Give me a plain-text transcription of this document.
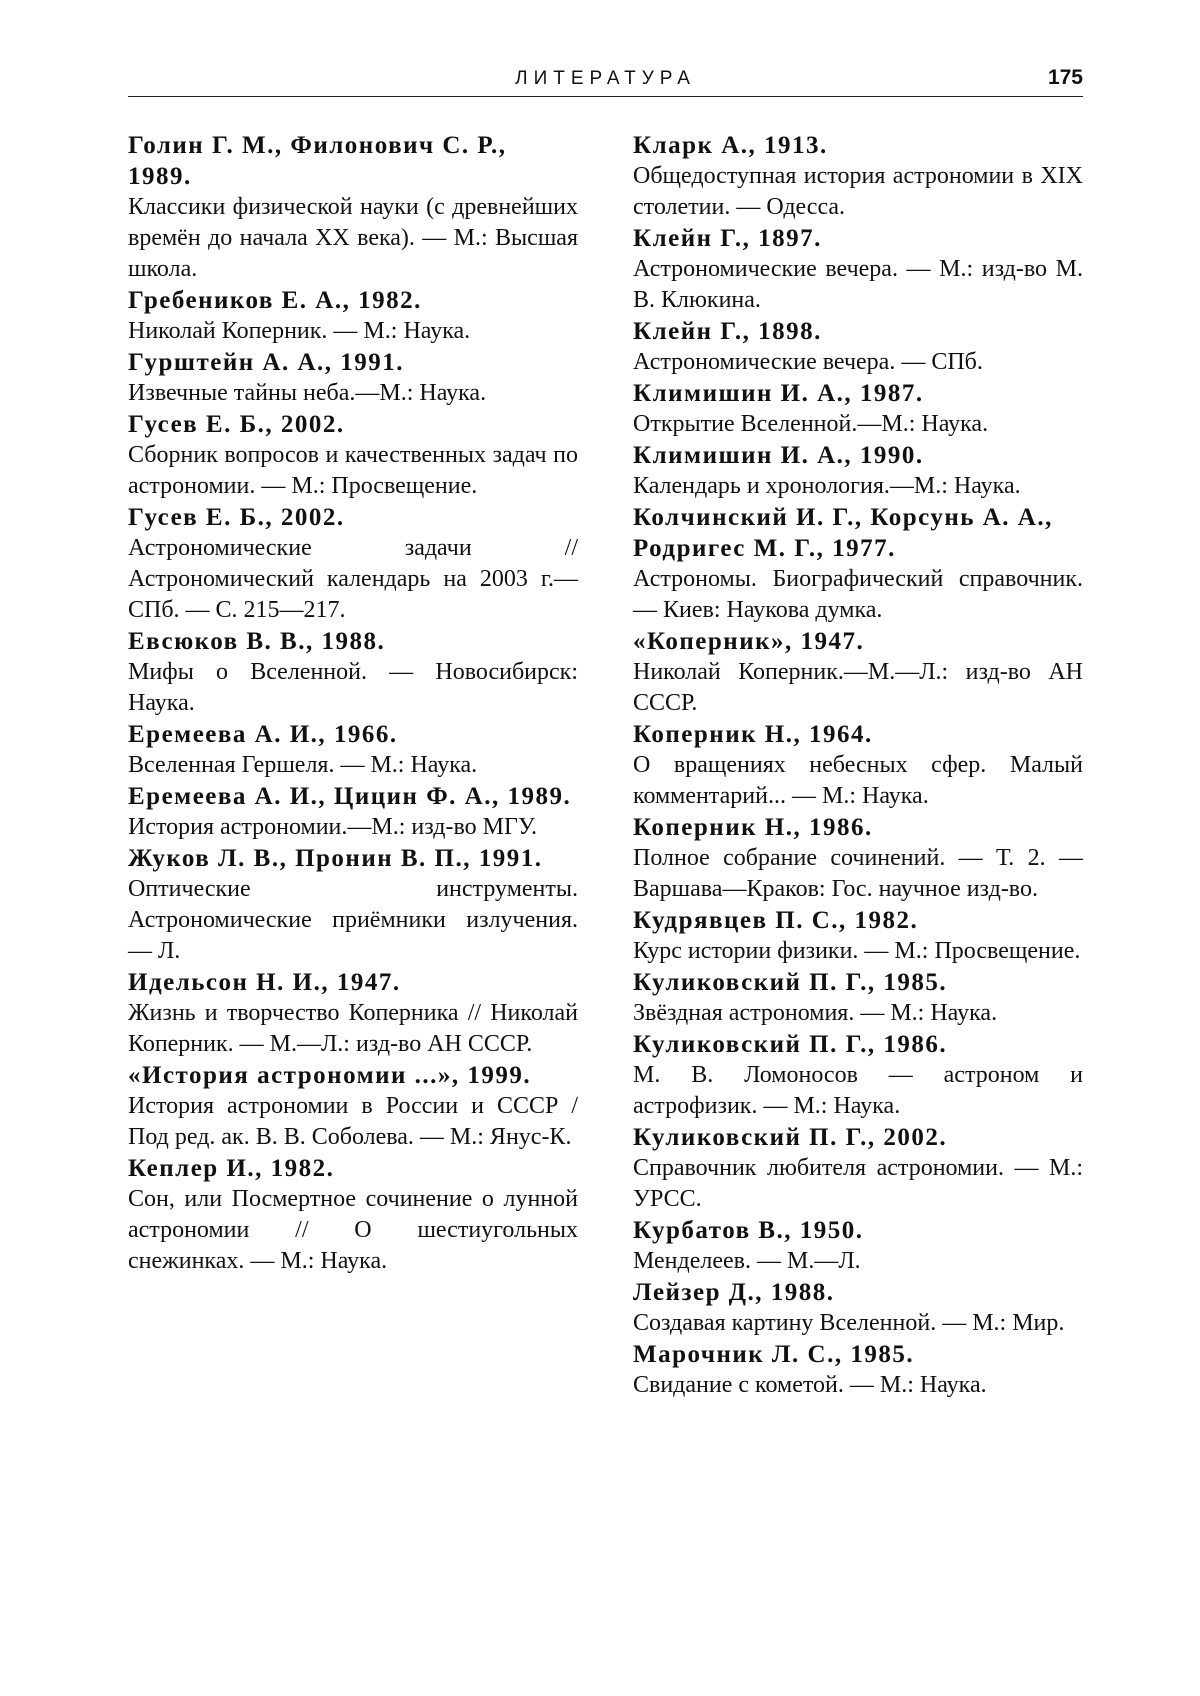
ЛИТЕРАТУРА	175
Голин Г. М., Филонович С. Р., 1989.
Классики физической науки (с древнейших времён до начала XX века). — М.: Высшая школа.
Гребеников Е. А., 1982.
Николай Коперник. — М.: Наука.
Гурштейн А. А., 1991.
Извечные тайны неба.—М.: Наука.
Гусев Е. Б., 2002.
Сборник вопросов и качественных задач по астрономии. — М.: Просвещение.
Гусев Е. Б., 2002.
Астрономические задачи // Астрономический календарь на 2003 г.— СПб. — С. 215—217.
Евсюков В. В., 1988.
Мифы о Вселенной. — Новосибирск: Наука.
Еремеева А. И., 1966.
Вселенная Гершеля. — М.: Наука.
Еремеева А. И., Цицин Ф. А., 1989.
История астрономии.—М.: изд-во МГУ.
Жуков Л. В., Пронин В. П., 1991.
Оптические инструменты. Астрономические приёмники излучения. — Л.
Идельсон Н. И., 1947.
Жизнь и творчество Коперника // Николай Коперник. — М.—Л.: изд-во АН СССР.
«История астрономии ...», 1999.
История астрономии в России и СССР / Под ред. ак. В. В. Соболева. — М.: Янус-К.
Кеплер И., 1982.
Сон, или Посмертное сочинение о лунной астрономии // О шестиугольных снежинках. — М.: Наука.
Кларк А., 1913.
Общедоступная история астрономии в XIX столетии. — Одесса.
Клейн Г., 1897.
Астрономические вечера. — М.: изд-во М. В. Клюкина.
Клейн Г., 1898.
Астрономические вечера. — СПб.
Климишин И. А., 1987.
Открытие Вселенной.—М.: Наука.
Климишин И. А., 1990.
Календарь и хронология.—М.: Наука.
Колчинский И. Г., Корсунь А. А., Родригес М. Г., 1977.
Астрономы. Биографический справочник. — Киев: Наукова думка.
«Коперник», 1947.
Николай Коперник.—М.—Л.: изд-во АН СССР.
Коперник Н., 1964.
О вращениях небесных сфер. Малый комментарий... — М.: Наука.
Коперник Н., 1986.
Полное собрание сочинений. — Т. 2. — Варшава—Краков: Гос. научное изд-во.
Кудрявцев П. С., 1982.
Курс истории физики. — М.: Просвещение.
Куликовский П. Г., 1985.
Звёздная астрономия. — М.: Наука.
Куликовский П. Г., 1986.
М. В. Ломоносов — астроном и астрофизик. — М.: Наука.
Куликовский П. Г., 2002.
Справочник любителя астрономии. — М.: УРСС.
Курбатов В., 1950.
Менделеев. — М.—Л.
Лейзер Д., 1988.
Создавая картину Вселенной. — М.: Мир.
Марочник Л. С., 1985.
Свидание с кометой. — М.: Наука.
